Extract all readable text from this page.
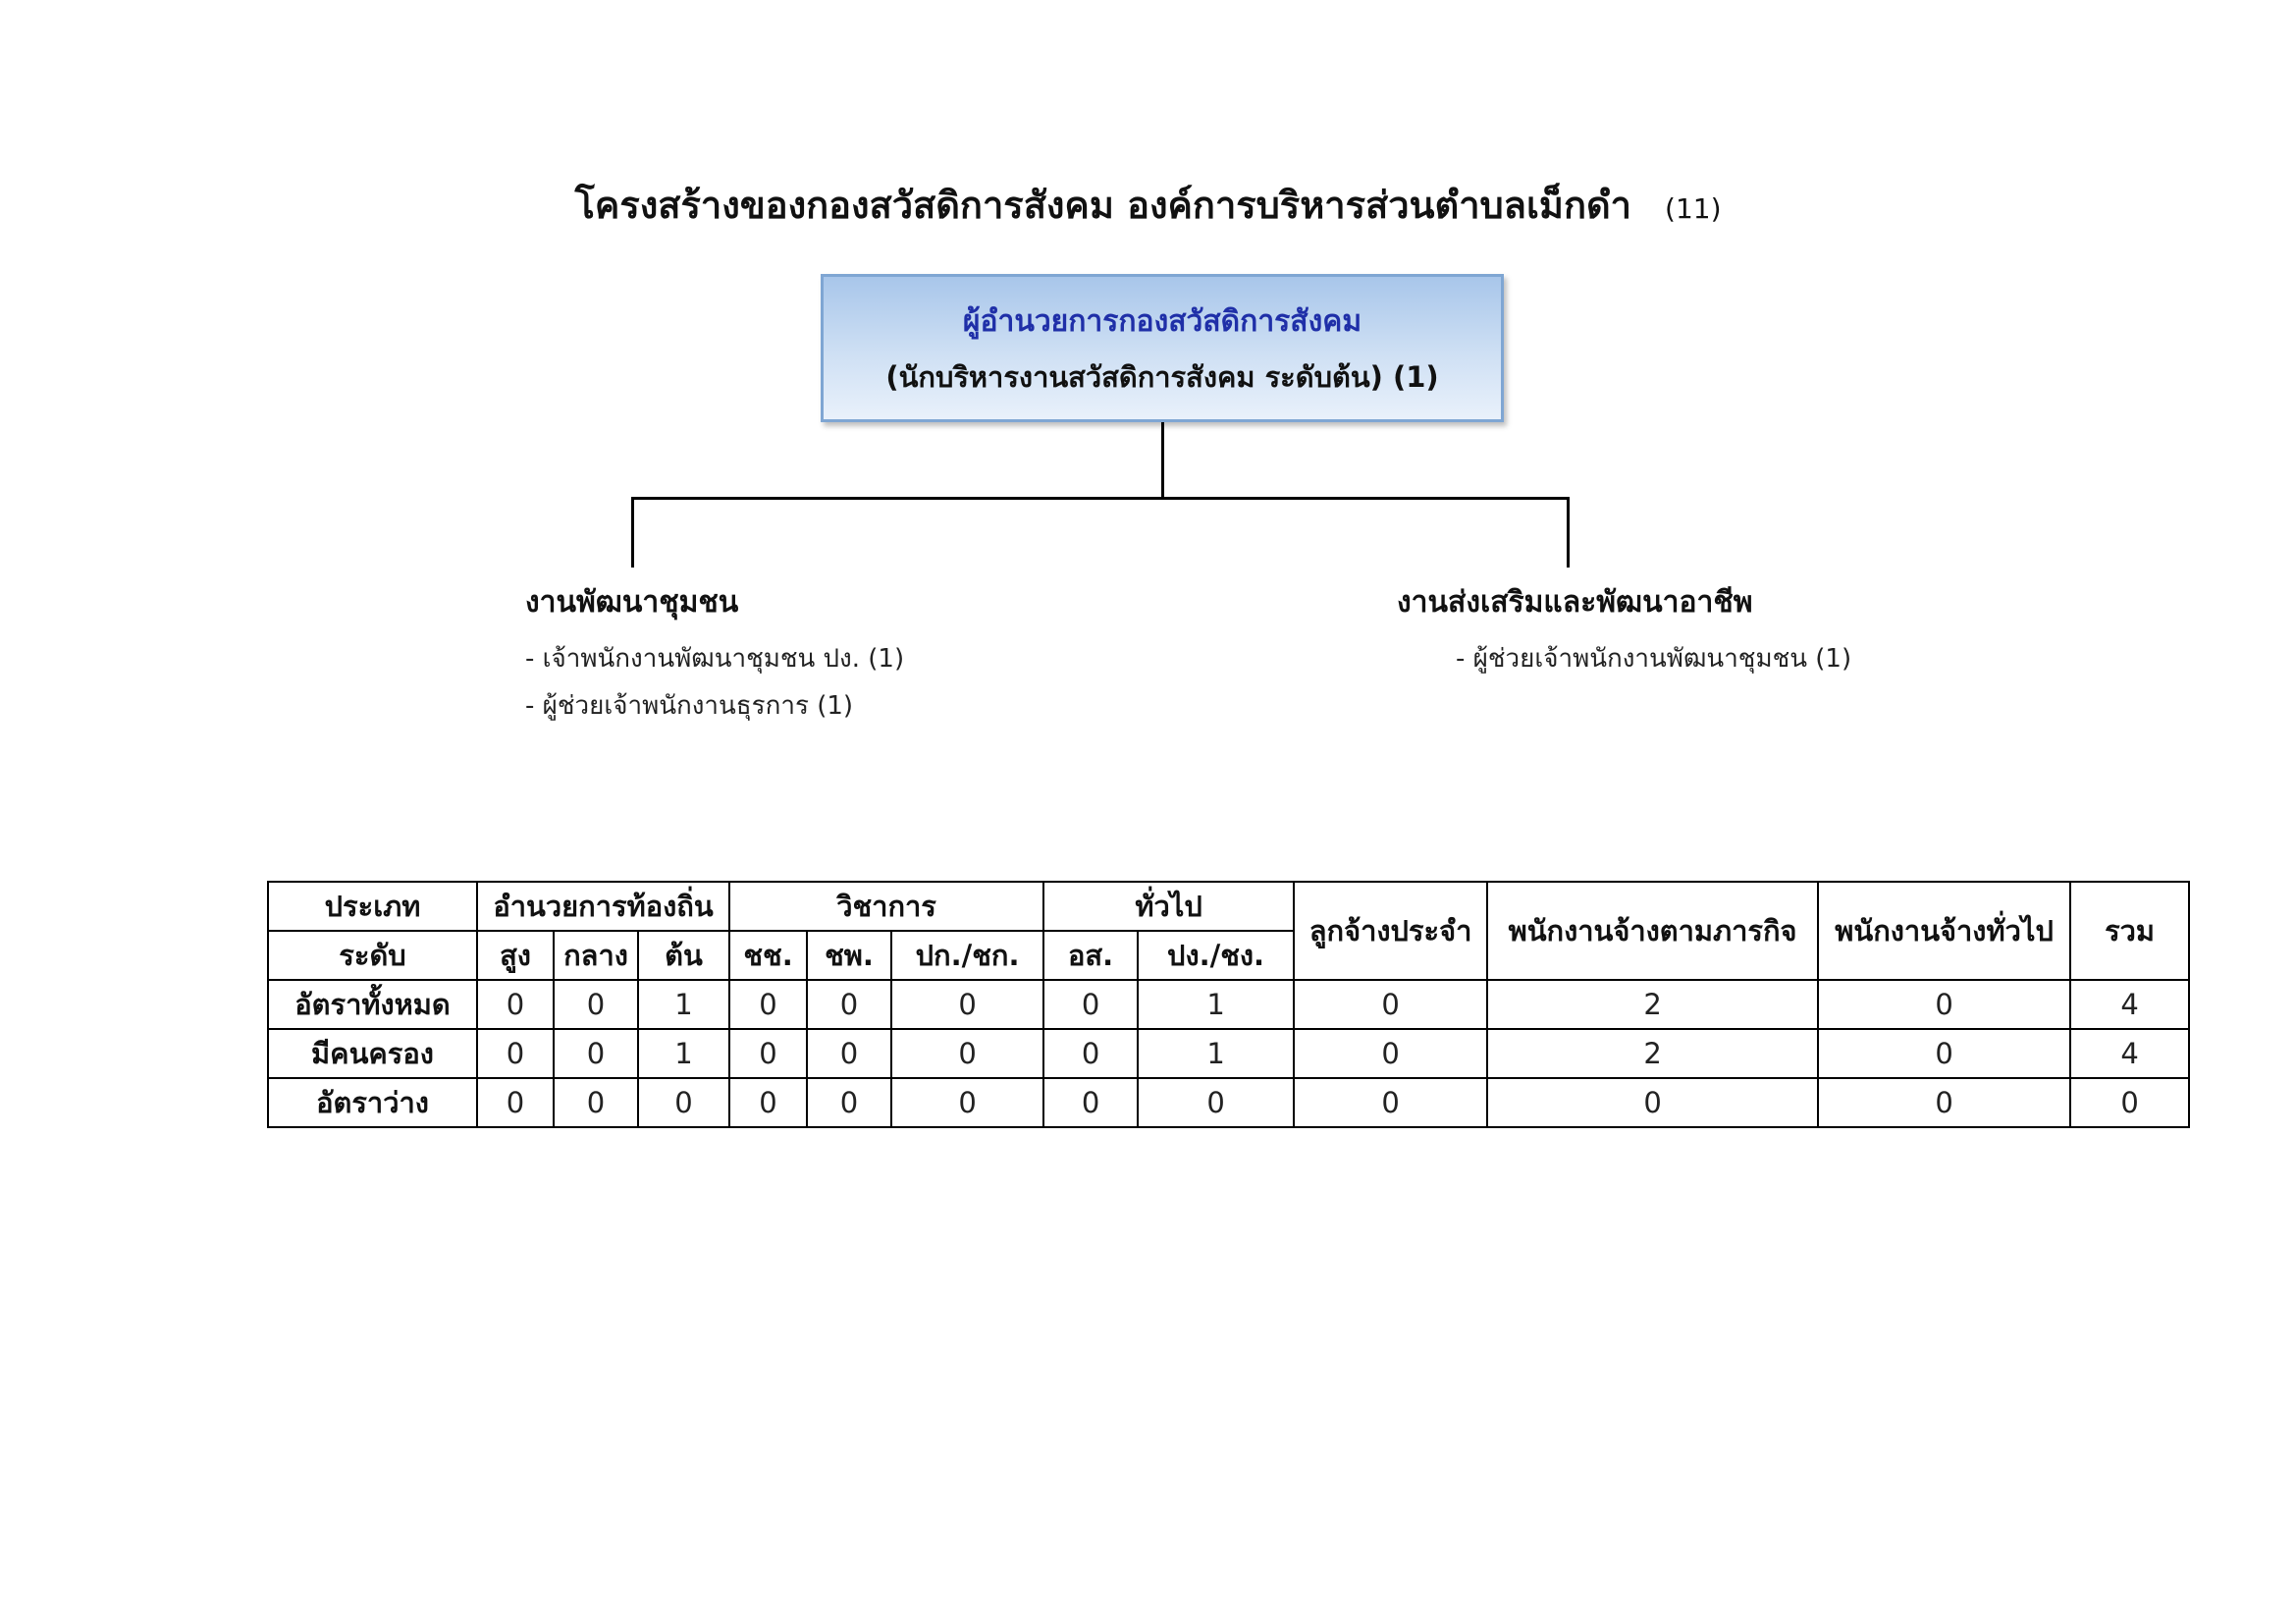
โครงสร้างของกองสวัสดิการสังคม องค์การบริหารส่วนตำบลเม็กดำ (11)
ผู้อำนวยการกองสวัสดิการสังคม
(นักบริหารงานสวัสดิการสังคม ระดับต้น) (1)
งานพัฒนาชุมชน
- เจ้าพนักงานพัฒนาชุมชน ปง. (1)
- ผู้ช่วยเจ้าพนักงานธุรการ (1)
งานส่งเสริมและพัฒนาอาชีพ
- ผู้ช่วยเจ้าพนักงานพัฒนาชุมชน (1)
ประเภท	อำนวยการท้องถิ่น			วิชาการ			ทั่วไป		ลูกจ้างประจำ	พนักงานจ้างตามภารกิจ	พนักงานจ้างทั่วไป	รวม
ระดับ	สูง	กลาง	ต้น	ชช.	ชพ.	ปก./ชก.	อส.	ปง./ชง.				
อัตราทั้งหมด	0	0	1	0	0	0	0	1	0	2	0	4
มีคนครอง	0	0	1	0	0	0	0	1	0	2	0	4
อัตราว่าง	0	0	0	0	0	0	0	0	0	0	0	0
